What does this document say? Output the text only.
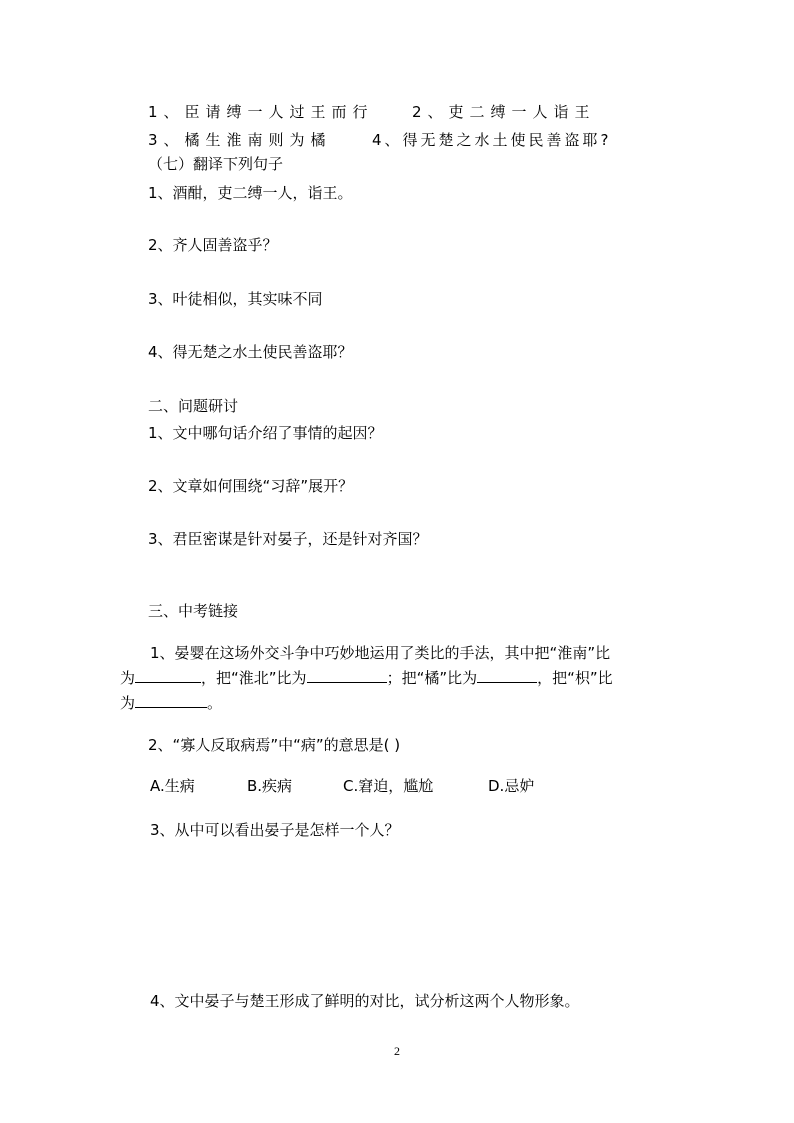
1、臣请缚一人过王而行	2、吏二缚一人诣王
3、橘生淮南则为橘	4、得无楚之水土使民善盗耶?
（七）翻译下列句子
1、酒酣，吏二缚一人，诣王。
2、齐人固善盗乎？
3、叶徒相似，其实味不同
4、得无楚之水土使民善盗耶？
二、问题研讨
1、文中哪句话介绍了事情的起因？
2、文章如何围绕“习辞”展开？
3、君臣密谋是针对晏子，还是针对齐国？
三、中考链接
1、晏婴在这场外交斗争中巧妙地运用了类比的手法，其中把“淮南”比
为	，把“淮北”比为	；把“橘”比为	，把“枳”比
为	。
2、“寡人反取病焉”中“病”的意思是( )
A.生病	B.疾病	C.窘迫，尴尬	D.忌妒
3、从中可以看出晏子是怎样一个人？
4、文中晏子与楚王形成了鲜明的对比，试分析这两个人物形象。
2
